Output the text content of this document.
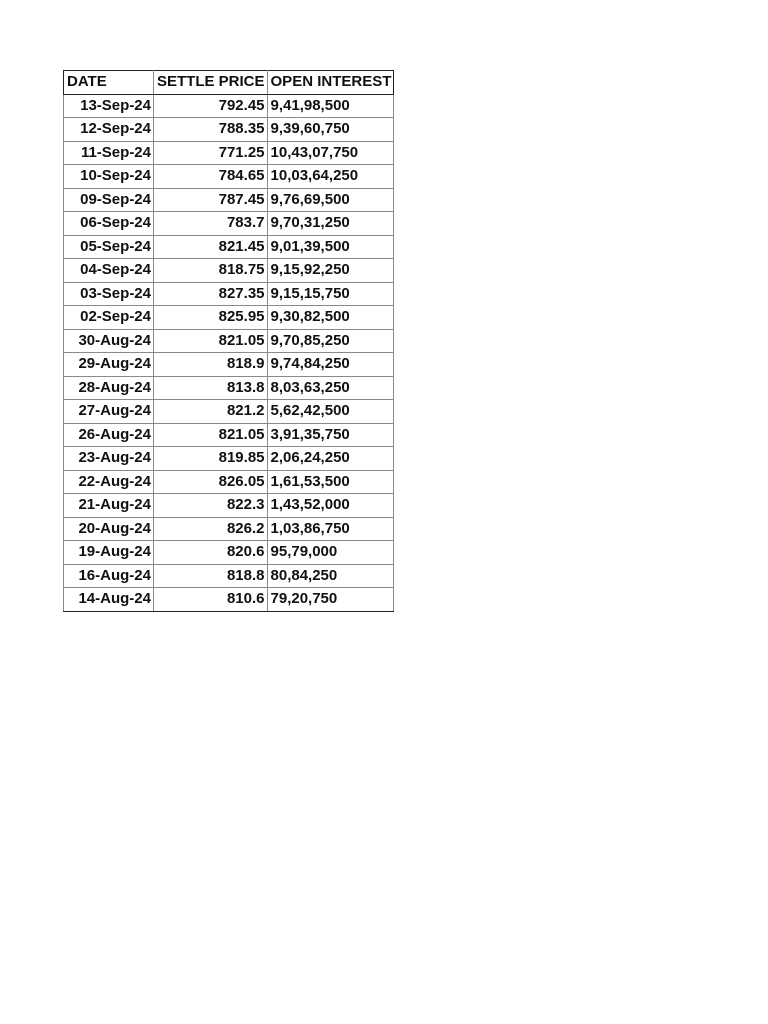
DATE	SETTLE PRICE	OPEN INTEREST
13-Sep-24	792.45	9,41,98,500
12-Sep-24	788.35	9,39,60,750
11-Sep-24	771.25	10,43,07,750
10-Sep-24	784.65	10,03,64,250
09-Sep-24	787.45	9,76,69,500
06-Sep-24	783.7	9,70,31,250
05-Sep-24	821.45	9,01,39,500
04-Sep-24	818.75	9,15,92,250
03-Sep-24	827.35	9,15,15,750
02-Sep-24	825.95	9,30,82,500
30-Aug-24	821.05	9,70,85,250
29-Aug-24	818.9	9,74,84,250
28-Aug-24	813.8	8,03,63,250
27-Aug-24	821.2	5,62,42,500
26-Aug-24	821.05	3,91,35,750
23-Aug-24	819.85	2,06,24,250
22-Aug-24	826.05	1,61,53,500
21-Aug-24	822.3	1,43,52,000
20-Aug-24	826.2	1,03,86,750
19-Aug-24	820.6	95,79,000
16-Aug-24	818.8	80,84,250
14-Aug-24	810.6	79,20,750
